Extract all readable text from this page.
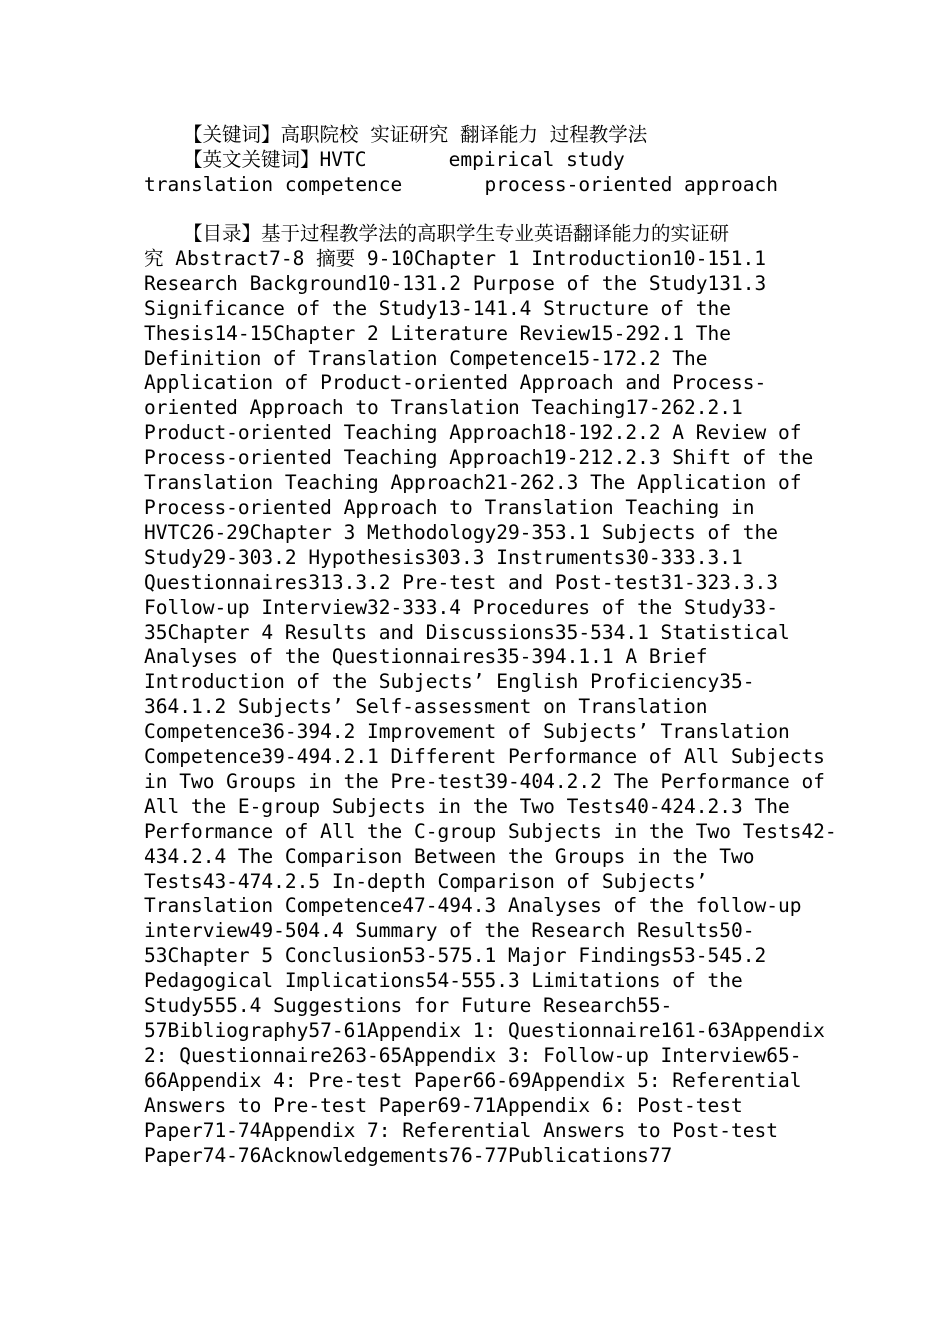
【关键词】高职院校 实证研究 翻译能力 过程教学法

【英文关键词】HVTC	empirical study

translation competence	process-oriented approach

【目录】基于过程教学法的高职学生专业英语翻译能力的实证研

究 Abstract7-8 摘要 9-10Chapter 1 Introduction10-151.1

Research Background10-131.2 Purpose of the Study131.3

Significance of the Study13-141.4 Structure of the

Thesis14-15Chapter 2 Literature Review15-292.1 The

Definition of Translation Competence15-172.2 The

Application of Product-oriented Approach and Process-

oriented Approach to Translation Teaching17-262.2.1

Product-oriented Teaching Approach18-192.2.2 A Review of

Process-oriented Teaching Approach19-212.2.3 Shift of the

Translation Teaching Approach21-262.3 The Application of

Process-oriented Approach to Translation Teaching in

HVTC26-29Chapter 3 Methodology29-353.1 Subjects of the

Study29-303.2 Hypothesis303.3 Instruments30-333.3.1

Questionnaires313.3.2 Pre-test and Post-test31-323.3.3

Follow-up Interview32-333.4 Procedures of the Study33-

35Chapter 4 Results and Discussions35-534.1 Statistical

Analyses of the Questionnaires35-394.1.1 A Brief

Introduction of the Subjects’ English Proficiency35-

364.1.2 Subjects’ Self-assessment on Translation

Competence36-394.2 Improvement of Subjects’ Translation

Competence39-494.2.1 Different Performance of All Subjects

in Two Groups in the Pre-test39-404.2.2 The Performance of

All the E-group Subjects in the Two Tests40-424.2.3 The

Performance of All the C-group Subjects in the Two Tests42-

434.2.4 The Comparison Between the Groups in the Two

Tests43-474.2.5 In-depth Comparison of Subjects’

Translation Competence47-494.3 Analyses of the follow-up

interview49-504.4 Summary of the Research Results50-

53Chapter 5 Conclusion53-575.1 Major Findings53-545.2

Pedagogical Implications54-555.3 Limitations of the

Study555.4 Suggestions for Future Research55-

57Bibliography57-61Appendix 1: Questionnaire161-63Appendix

2: Questionnaire263-65Appendix 3: Follow-up Interview65-

66Appendix 4: Pre-test Paper66-69Appendix 5: Referential

Answers to Pre-test Paper69-71Appendix 6: Post-test

Paper71-74Appendix 7: Referential Answers to Post-test

Paper74-76Acknowledgements76-77Publications77
